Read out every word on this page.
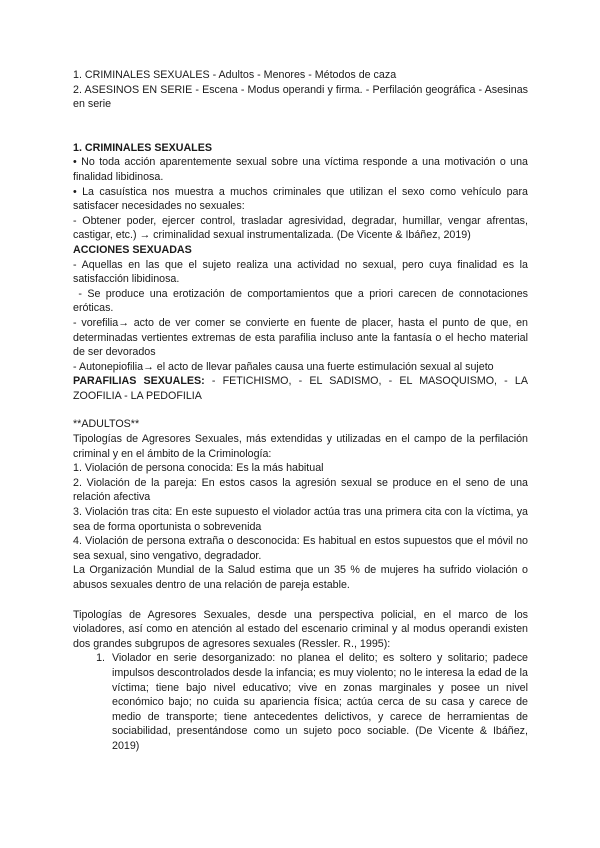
1. CRIMINALES SEXUALES - Adultos - Menores - Métodos de caza

2. ASESINOS EN SERIE - Escena - Modus operandi y firma. - Perfilación geográfica - Asesinas en serie

1. CRIMINALES SEXUALES

• No toda acción aparentemente sexual sobre una víctima responde a una motivación o una finalidad libidinosa.

• La casuística nos muestra a muchos criminales que utilizan el sexo como vehículo para satisfacer necesidades no sexuales:

- Obtener poder, ejercer control, trasladar agresividad, degradar, humillar, vengar afrentas, castigar, etc.) → criminalidad sexual instrumentalizada. (De Vicente & Ibáñez, 2019)

ACCIONES SEXUADAS

- Aquellas en las que el sujeto realiza una actividad no sexual, pero cuya finalidad es la satisfacción libidinosa.

- Se produce una erotización de comportamientos que a priori carecen de connotaciones eróticas.

- vorefilia→ acto de ver comer se convierte en fuente de placer, hasta el punto de que, en determinadas vertientes extremas de esta parafilia incluso ante la fantasía o el hecho material de ser devorados

- Autonepiofilia→ el acto de llevar pañales causa una fuerte estimulación sexual al sujeto

PARAFILIAS SEXUALES: - FETICHISMO, - EL SADISMO, - EL MASOQUISMO, - LA ZOOFILIA - LA PEDOFILIA

**ADULTOS**

Tipologías de Agresores Sexuales, más extendidas y utilizadas en el campo de la perfilación criminal y en el ámbito de la Criminología:

1. Violación de persona conocida: Es la más habitual

2. Violación de la pareja: En estos casos la agresión sexual se produce en el seno de una relación afectiva

3. Violación tras cita: En este supuesto el violador actúa tras una primera cita con la víctima, ya sea de forma oportunista o sobrevenida

4. Violación de persona extraña o desconocida: Es habitual en estos supuestos que el móvil no sea sexual, sino vengativo, degradador.

La Organización Mundial de la Salud estima que un 35 % de mujeres ha sufrido violación o abusos sexuales dentro de una relación de pareja estable.

Tipologías de Agresores Sexuales, desde una perspectiva policial, en el marco de los violadores, así como en atención al estado del escenario criminal y al modus operandi existen dos grandes subgrupos de agresores sexuales (Ressler. R., 1995):

1. Violador en serie desorganizado: no planea el delito; es soltero y solitario; padece impulsos descontrolados desde la infancia; es muy violento; no le interesa la edad de la víctima; tiene bajo nivel educativo; vive en zonas marginales y posee un nivel económico bajo; no cuida su apariencia física; actúa cerca de su casa y carece de medio de transporte; tiene antecedentes delictivos, y carece de herramientas de sociabilidad, presentándose como un sujeto poco sociable. (De Vicente & Ibáñez, 2019)
